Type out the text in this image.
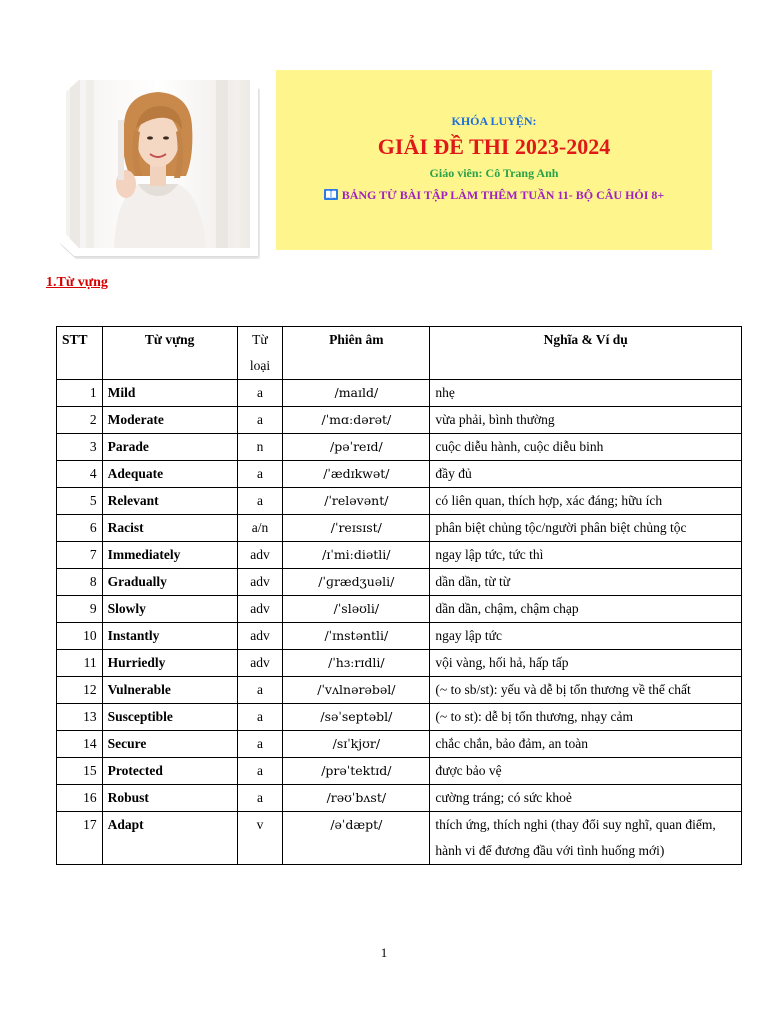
KHÓA LUYỆN:
GIẢI ĐỀ THI 2023-2024
Giáo viên: Cô Trang Anh
BẢNG TỪ BÀI TẬP LÀM THÊM TUẦN 11- BỘ CÂU HỎI 8+
1.Từ vựng
STT	Từ vựng	Từ loại	Phiên âm	Nghĩa & Ví dụ
1	Mild	a	/maɪld/	nhẹ
2	Moderate	a	/ˈmɑːdərət/	vừa phải, bình thường
3	Parade	n	/pəˈreɪd/	cuộc diễu hành, cuộc diễu binh
4	Adequate	a	/ˈædɪkwət/	đầy đủ
5	Relevant	a	/ˈreləvənt/	có liên quan, thích hợp, xác đáng; hữu ích
6	Racist	a/n	/ˈreɪsɪst/	phân biệt chủng tộc/người phân biệt chủng tộc
7	Immediately	adv	/ɪˈmiːdiətli/	ngay lập tức, tức thì
8	Gradually	adv	/ˈɡrædʒuəli/	dần dần, từ từ
9	Slowly	adv	/ˈsləʊli/	dần dần, chậm, chậm chạp
10	Instantly	adv	/ˈɪnstəntli/	ngay lập tức
11	Hurriedly	adv	/ˈhɜːrɪdli/	vội vàng, hối hả, hấp tấp
12	Vulnerable	a	/ˈvʌlnərəbəl/	(~ to sb/st): yếu và dễ bị tổn thương về thể chất
13	Susceptible	a	/səˈseptəbl/	(~ to st): dễ bị tổn thương, nhạy cảm
14	Secure	a	/sɪˈkjʊr/	chắc chắn, bảo đảm, an toàn
15	Protected	a	/prəˈtektɪd/	được bảo vệ
16	Robust	a	/rəʊˈbʌst/	cường tráng; có sức khoẻ
17	Adapt	v	/əˈdæpt/	thích ứng, thích nghi (thay đổi suy nghĩ, quan điểm, hành vi để đương đầu với tình huống mới)
1
